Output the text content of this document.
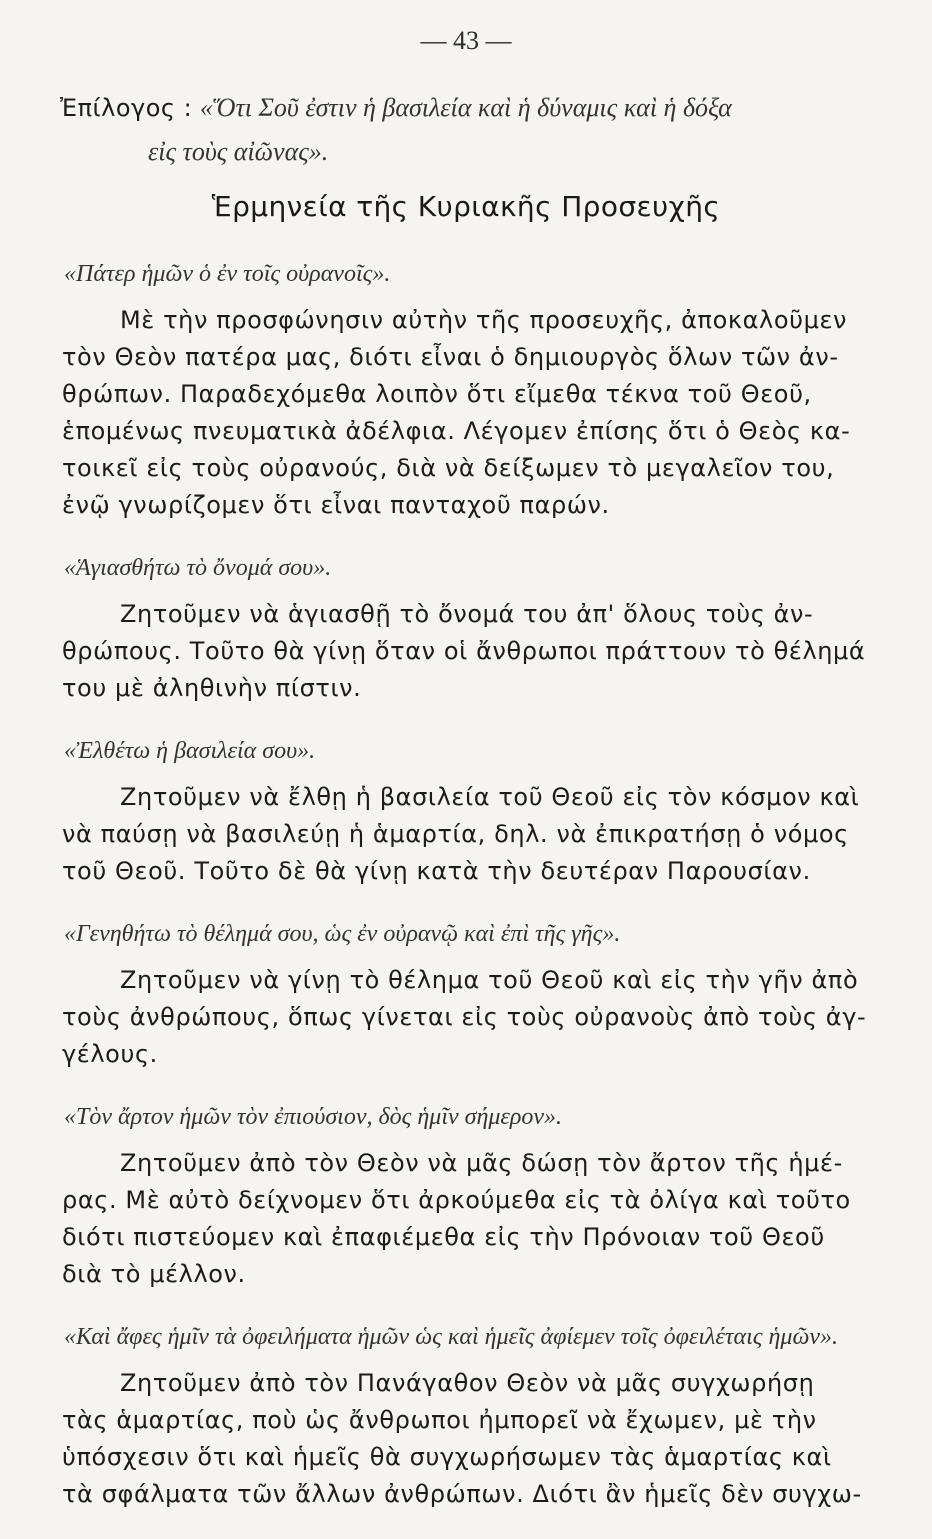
— 43 —
Ἐπίλογος : «Ὅτι Σοῦ ἐστιν ἡ βασιλεία καὶ ἡ δύναμις καὶ ἡ δόξα
εἰς τοὺς αἰῶνας».
Ἑρμηνεία τῆς Κυριακῆς Προσευχῆς
«Πάτερ ἡμῶν ὁ ἐν τοῖς οὐρανοῖς».
Μὲ τὴν προσφώνησιν αὐτὴν τῆς προσευχῆς, ἀποκαλοῦμεν
τὸν Θεὸν πατέρα μας, διότι εἶναι ὁ δημιουργὸς ὅλων τῶν ἀν-
θρώπων. Παραδεχόμεθα λοιπὸν ὅτι εἴμεθα τέκνα τοῦ Θεοῦ,
ἑπομένως πνευματικὰ ἀδέλφια. Λέγομεν ἐπίσης ὅτι ὁ Θεὸς κα-
τοικεῖ εἰς τοὺς οὐρανούς, διὰ νὰ δείξωμεν τὸ μεγαλεῖον του,
ἐνῷ γνωρίζομεν ὅτι εἶναι πανταχοῦ παρών.
«Ἁγιασθήτω τὸ ὄνομά σου».
Ζητοῦμεν νὰ ἁγιασθῇ τὸ ὄνομά του ἀπ' ὅλους τοὺς ἀν-
θρώπους. Τοῦτο θὰ γίνῃ ὅταν οἱ ἄνθρωποι πράττουν τὸ θέλημά
του μὲ ἀληθινὴν πίστιν.
«Ἐλθέτω ἡ βασιλεία σου».
Ζητοῦμεν νὰ ἔλθῃ ἡ βασιλεία τοῦ Θεοῦ εἰς τὸν κόσμον καὶ
νὰ παύσῃ νὰ βασιλεύῃ ἡ ἁμαρτία, δηλ. νὰ ἐπικρατήσῃ ὁ νόμος
τοῦ Θεοῦ. Τοῦτο δὲ θὰ γίνῃ κατὰ τὴν δευτέραν Παρουσίαν.
«Γενηθήτω τὸ θέλημά σου, ὡς ἐν οὐρανῷ καὶ ἐπὶ τῆς γῆς».
Ζητοῦμεν νὰ γίνῃ τὸ θέλημα τοῦ Θεοῦ καὶ εἰς τὴν γῆν ἀπὸ
τοὺς ἀνθρώπους, ὅπως γίνεται εἰς τοὺς οὐρανοὺς ἀπὸ τοὺς ἀγ-
γέλους.
«Τὸν ἄρτον ἡμῶν τὸν ἐπιούσιον, δὸς ἡμῖν σήμερον».
Ζητοῦμεν ἀπὸ τὸν Θεὸν νὰ μᾶς δώσῃ τὸν ἄρτον τῆς ἡμέ-
ρας. Μὲ αὐτὸ δείχνομεν ὅτι ἀρκούμεθα εἰς τὰ ὀλίγα καὶ τοῦτο
διότι πιστεύομεν καὶ ἐπαφιέμεθα εἰς τὴν Πρόνοιαν τοῦ Θεοῦ
διὰ τὸ μέλλον.
«Καὶ ἄφες ἡμῖν τὰ ὀφειλήματα ἡμῶν ὡς καὶ ἡμεῖς ἀφίεμεν τοῖς ὀφειλέταις ἡμῶν».
Ζητοῦμεν ἀπὸ τὸν Πανάγαθον Θεὸν νὰ μᾶς συγχωρήσῃ
τὰς ἁμαρτίας, ποὺ ὡς ἄνθρωποι ἠμπορεῖ νὰ ἔχωμεν, μὲ τὴν
ὑπόσχεσιν ὅτι καὶ ἡμεῖς θὰ συγχωρήσωμεν τὰς ἁμαρτίας καὶ
τὰ σφάλματα τῶν ἄλλων ἀνθρώπων. Διότι ἂν ἡμεῖς δὲν συγχω-
